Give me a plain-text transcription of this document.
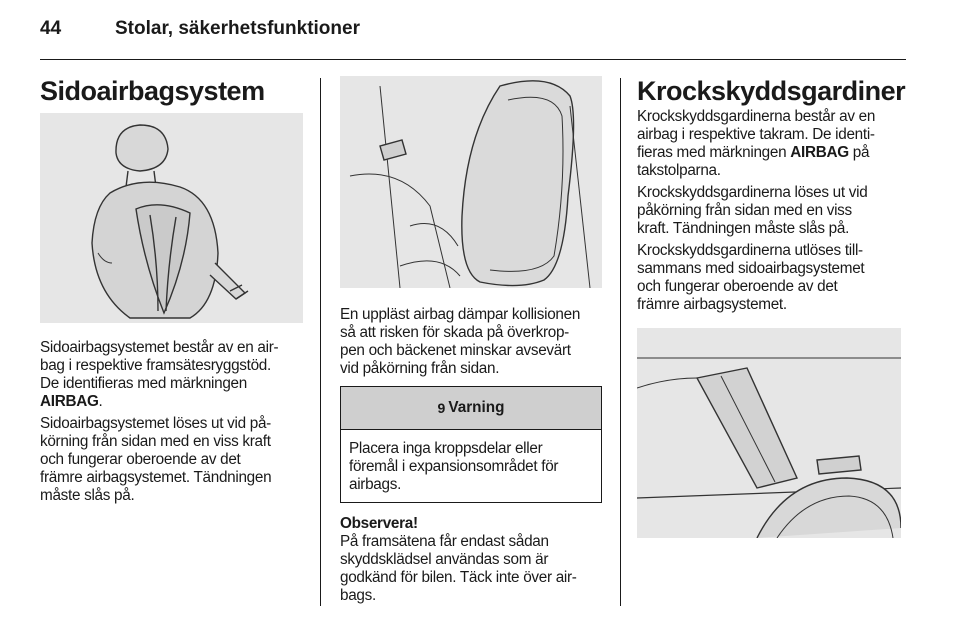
44	Stolar, säkerhetsfunktioner
Sidoairbagsystem

Sidoairbagsystemet består av en air-

bag i respektive framsätesryggstöd.

De identifieras med märkningen

AIRBAG.

Sidoairbagsystemet löses ut vid på-

körning från sidan med en viss kraft

och fungerar oberoende av det

främre airbagsystemet. Tändningen

måste slås på.

En uppläst airbag dämpar kollisionen

så att risken för skada på överkrop-

pen och bäckenet minskar avsevärt

vid påkörning från sidan.

9 Varning

Placera inga kroppsdelar eller

föremål i expansionsområdet för

airbags.

Observera!

På framsätena får endast sådan

skyddsklädsel användas som är

godkänd för bilen. Täck inte över air-

bags.

Krockskyddsgardiner

Krockskyddsgardinerna består av en

airbag i respektive takram. De identi-

fieras med märkningen AIRBAG på

takstolparna.

Krockskyddsgardinerna löses ut vid

påkörning från sidan med en viss

kraft. Tändningen måste slås på.

Krockskyddsgardinerna utlöses till-

sammans med sidoairbagsystemet

och fungerar oberoende av det

främre airbagsystemet.
